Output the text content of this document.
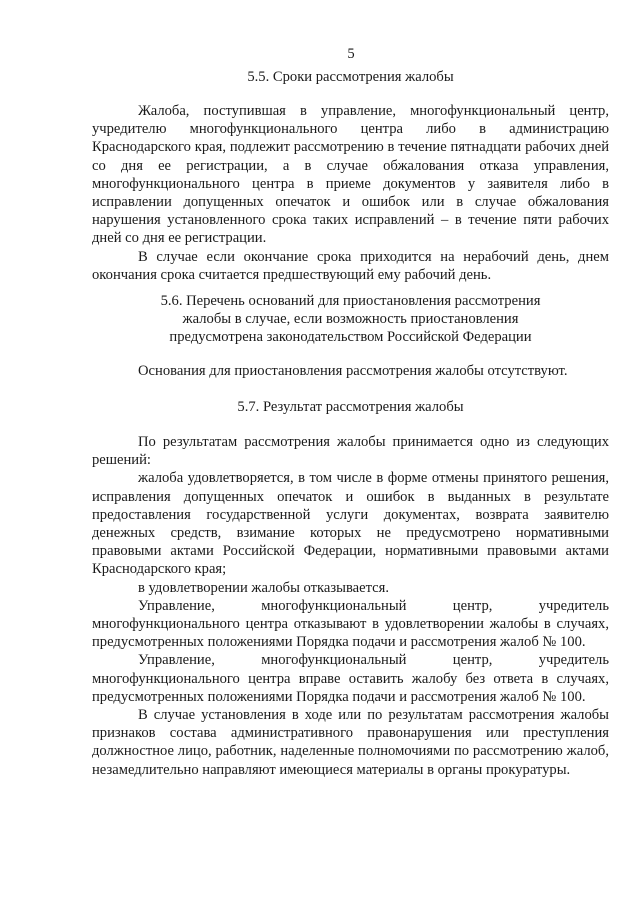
5

5.5. Сроки рассмотрения жалобы

Жалоба, поступившая в управление, многофункциональный центр, учредителю многофункционального центра либо в администрацию Краснодарского края, подлежит рассмотрению в течение пятнадцати рабочих дней со дня ее регистрации, а в случае обжалования отказа управления, многофункционального центра в приеме документов у заявителя либо в исправлении допущенных опечаток и ошибок или в случае обжалования нарушения установленного срока таких исправлений – в течение пяти рабочих дней со дня ее регистрации.

В случае если окончание срока приходится на нерабочий день, днем окончания срока считается предшествующий ему рабочий день.

5.6. Перечень оснований для приостановления рассмотрения

жалобы в случае, если возможность приостановления

предусмотрена законодательством Российской Федерации

Основания для приостановления рассмотрения жалобы отсутствуют.

5.7. Результат рассмотрения жалобы

По результатам рассмотрения жалобы принимается одно из следующих решений:

жалоба удовлетворяется, в том числе в форме отмены принятого решения, исправления допущенных опечаток и ошибок в выданных в результате предоставления государственной услуги документах, возврата заявителю денежных средств, взимание которых не предусмотрено нормативными правовыми актами Российской Федерации, нормативными правовыми актами Краснодарского края;

в удовлетворении жалобы отказывается.

Управление, многофункциональный центр, учредитель многофункционального центра отказывают в удовлетворении жалобы в случаях, предусмотренных положениями Порядка подачи и рассмотрения жалоб № 100.

Управление, многофункциональный центр, учредитель многофункционального центра вправе оставить жалобу без ответа в случаях, предусмотренных положениями Порядка подачи и рассмотрения жалоб № 100.

В случае установления в ходе или по результатам рассмотрения жалобы признаков состава административного правонарушения или преступления должностное лицо, работник, наделенные полномочиями по рассмотрению жалоб, незамедлительно направляют имеющиеся материалы в органы прокуратуры.
